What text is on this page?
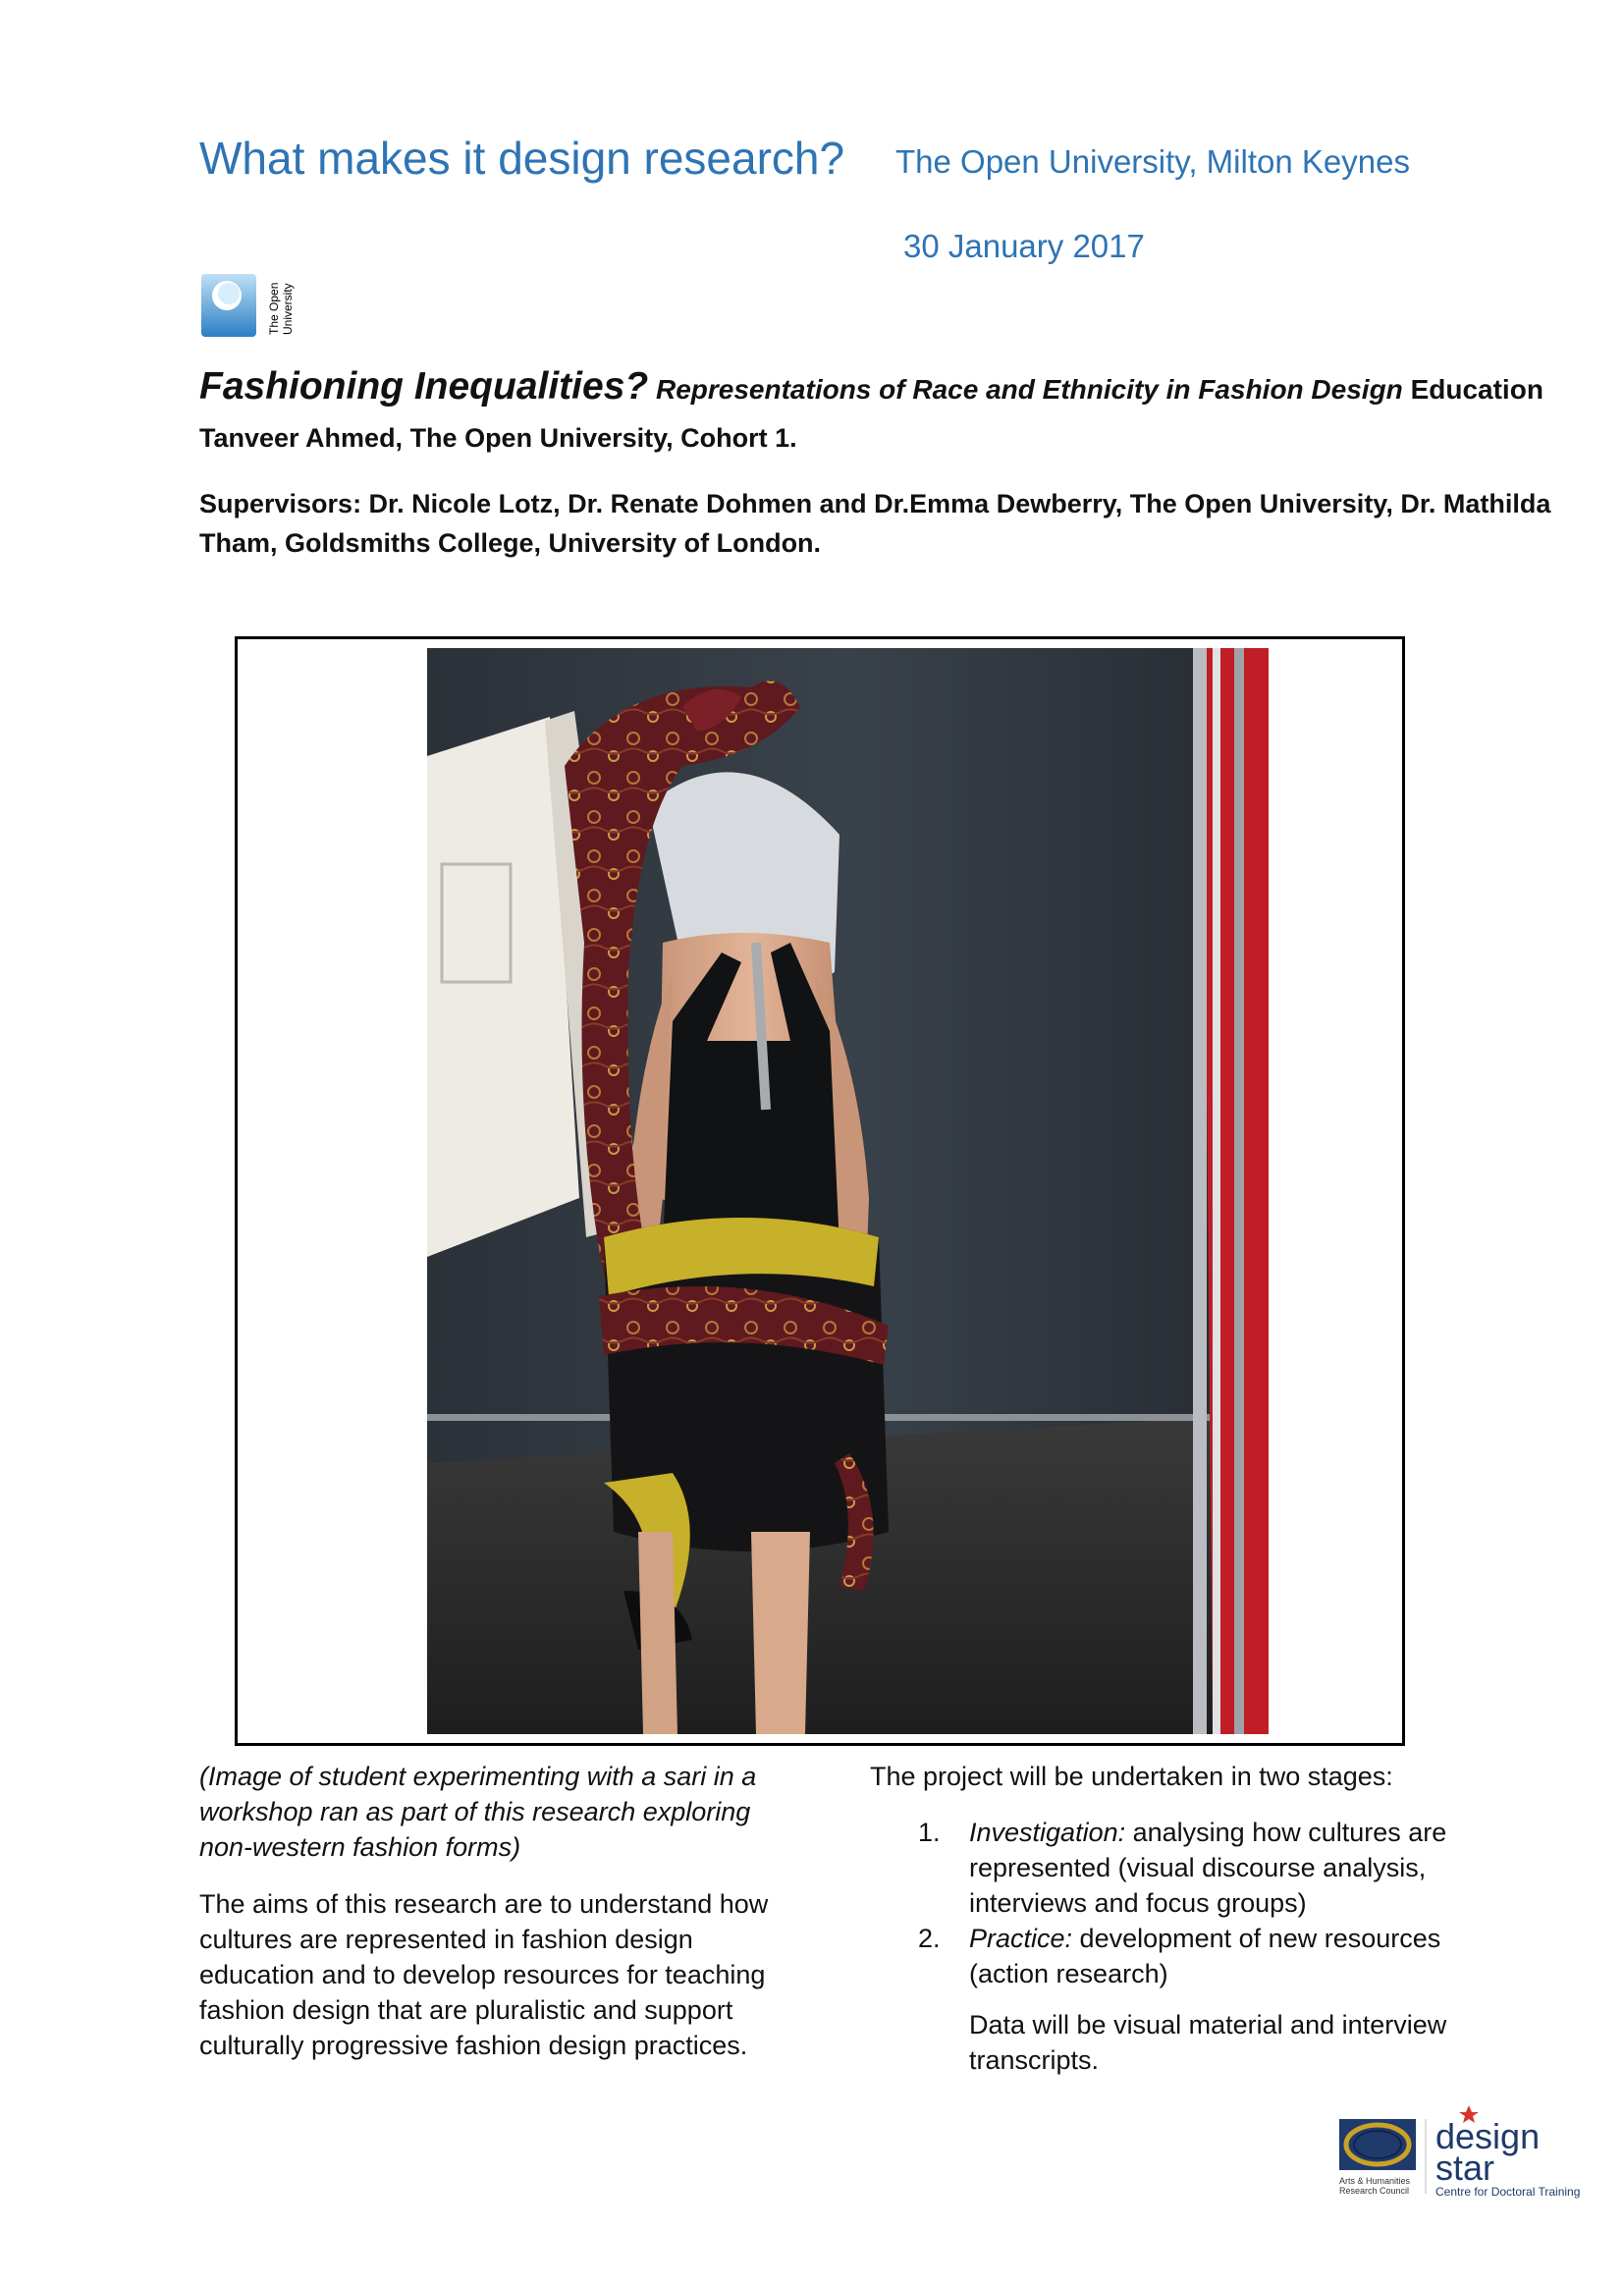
What makes it design research? The Open University, Milton Keynes
30 January 2017
The Open University
Fashioning Inequalities? Representations of Race and Ethnicity in Fashion Design Education
Tanveer Ahmed, The Open University, Cohort 1.
Supervisors: Dr. Nicole Lotz, Dr. Renate Dohmen and Dr.Emma Dewberry, The Open University, Dr. Mathilda Tham, Goldsmiths College, University of London.
(Image of student experimenting with a sari in a workshop ran as part of this research exploring non-western fashion forms)
The aims of this research are to understand how cultures are represented in fashion design education and to develop resources for teaching fashion design that are pluralistic and support culturally progressive fashion design practices.
The project will be undertaken in two stages:
1. Investigation: analysing how cultures are represented (visual discourse analysis, interviews and focus groups)
2. Practice: development of new resources (action research)
Data will be visual material and interview transcripts.
Arts & Humanities
Research Council
design
star
Centre for Doctoral Training
